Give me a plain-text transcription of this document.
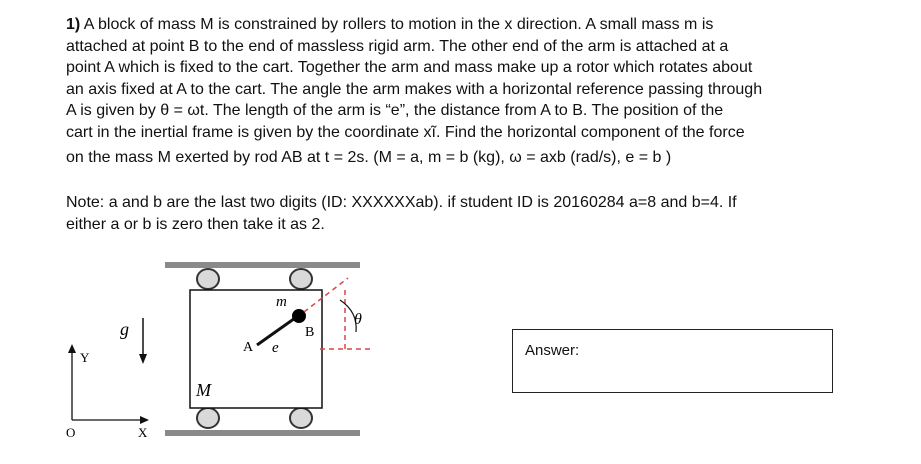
1) A block of mass M is constrained by rollers to motion in the x direction. A small mass m is

attached at point B to the end of massless rigid arm. The other end of the arm is attached at a

point A which is fixed to the cart. Together the arm and mass make up a rotor which rotates about

an axis fixed at A to the cart. The angle the arm makes with a horizontal reference passing through

A is given by θ = ωt. The length of the arm is “e”, the distance from A to B. The position of the

cart in the inertial frame is given by the coordinate xĩ. Find the horizontal component of the force

on the mass M exerted by rod AB at t = 2s. (M = a, m = b (kg), ω = axb (rad/s), e = b )

Note: a and b are the last two digits (ID: XXXXXXab). if student ID is 20160284 a=8 and b=4. If

either a or b is zero then take it as 2.

m
B
A e
θ
M
g
Y
O	X
Answer:
